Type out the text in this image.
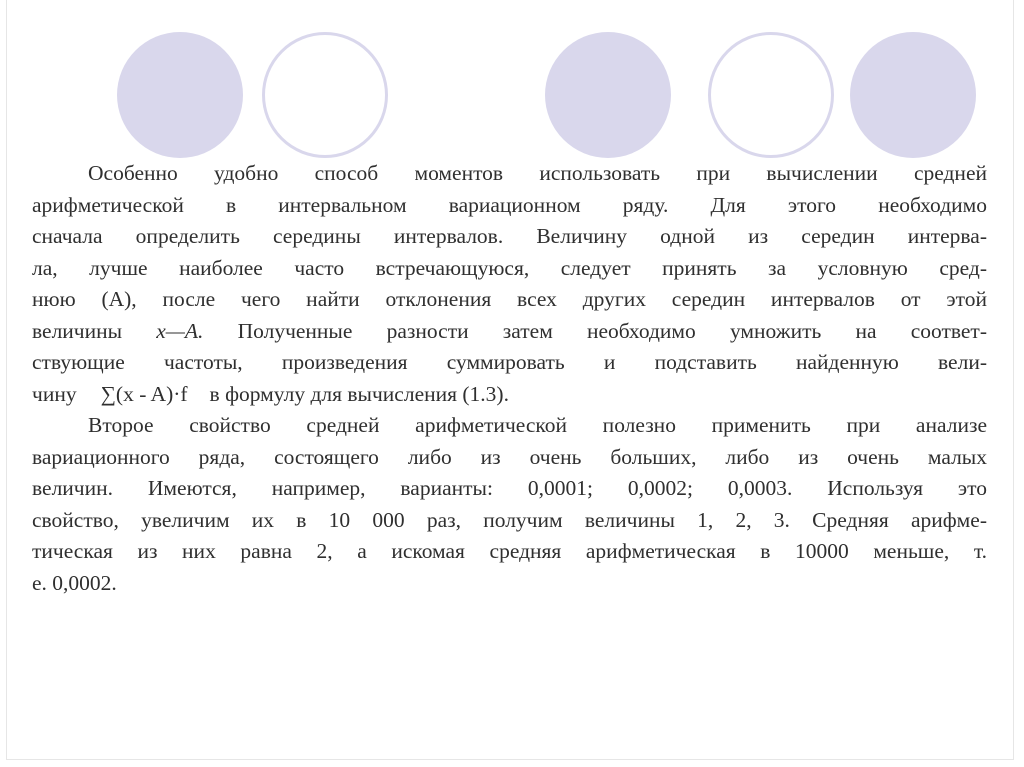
Особенно удобно способ моментов использовать при вычислении средней
арифметической в интервальном вариационном ряду. Для этого необходимо
сначала определить середины интервалов. Величину одной из середин интерва-
ла, лучше наиболее часто встречающуюся, следует принять за условную сред-
нюю (А), после чего найти отклонения всех других середин интервалов от этой
величины x—A. Полученные разности затем необходимо умножить на соответ-
ствующие частоты, произведения суммировать и подставить найденную вели-
чину ∑(x - A)·f в формулу для вычисления (1.3).
Второе свойство средней арифметической полезно применить при анализе
вариационного ряда, состоящего либо из очень больших, либо из очень малых
величин. Имеются, например, варианты: 0,0001; 0,0002; 0,0003. Используя это
свойство, увеличим их в 10 000 раз, получим величины 1, 2, 3. Средняя арифме-
тическая из них равна 2, а искомая средняя арифметическая в 10000 меньше, т.
е. 0,0002.
